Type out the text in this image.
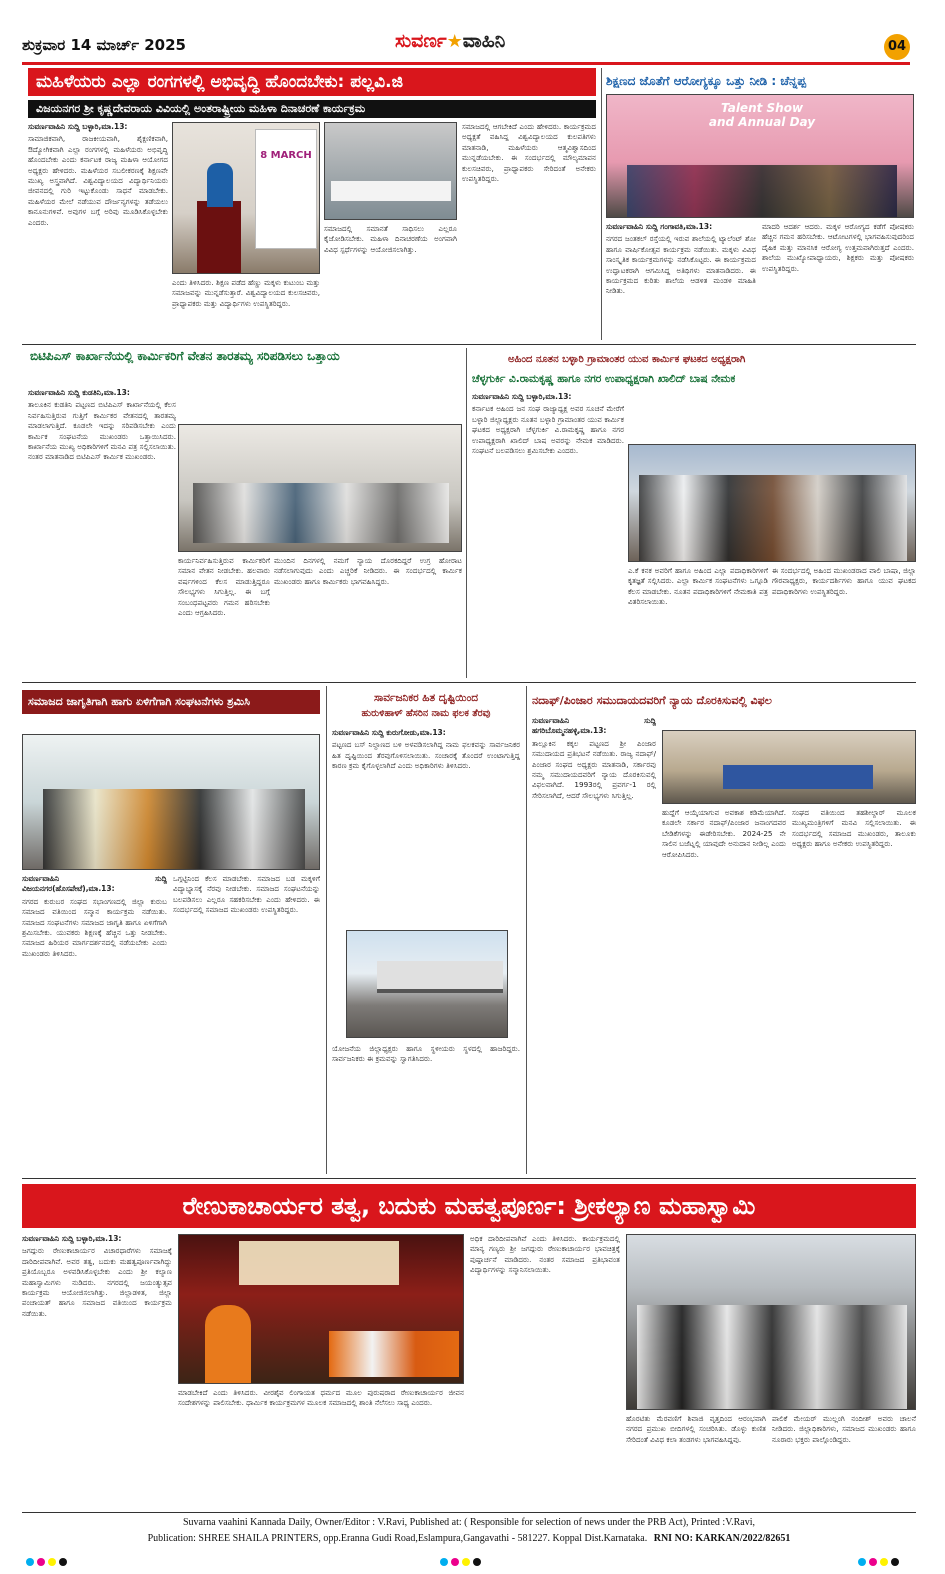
ಶುಕ್ರವಾರ 14 ಮಾರ್ಚ್ 2025	ಸುವರ್ಣ★ವಾಹಿನಿ	04
ಮಹಿಳೆಯರು ಎಲ್ಲಾ ರಂಗಗಳಲ್ಲಿ ಅಭಿವೃದ್ಧಿ ಹೊಂದಬೇಕು: ಪಲ್ಲವಿ.ಜಿ
ವಿಜಯನಗರ ಶ್ರೀ ಕೃಷ್ಣದೇವರಾಯ ವಿವಿಯಲ್ಲಿ ಅಂತರಾಷ್ಟ್ರೀಯ ಮಹಿಳಾ ದಿನಾಚರಣೆ ಕಾರ್ಯಕ್ರಮ

ಸುವರ್ಣವಾಹಿನಿ ಸುದ್ದಿ ಬಳ್ಳಾರಿ,ಮಾ.13:

ಸಾಮಾಜಿಕವಾಗಿ, ರಾಜಕೀಯವಾಗಿ, ಶೈಕ್ಷಣಿಕವಾಗಿ, ಔದ್ಯೋಗಿಕವಾಗಿ ಎಲ್ಲಾ ರಂಗಗಳಲ್ಲಿ ಮಹಿಳೆಯರು ಅಭಿವೃದ್ಧಿ ಹೊಂದಬೇಕು ಎಂದು ಕರ್ನಾಟಕ ರಾಜ್ಯ ಮಹಿಳಾ ಆಯೋಗದ ಅಧ್ಯಕ್ಷರು ಹೇಳಿದರು. ಮಹಿಳೆಯರ ಸಬಲೀಕರಣಕ್ಕೆ ಶಿಕ್ಷಣವೇ ಮುಖ್ಯ ಅಸ್ತ್ರವಾಗಿದೆ. ವಿಶ್ವವಿದ್ಯಾಲಯದ ವಿದ್ಯಾರ್ಥಿನಿಯರು ಜೀವನದಲ್ಲಿ ಗುರಿ ಇಟ್ಟುಕೊಂಡು ಸಾಧನೆ ಮಾಡಬೇಕು. ಮಹಿಳೆಯರ ಮೇಲೆ ನಡೆಯುವ ದೌರ್ಜನ್ಯಗಳನ್ನು ತಡೆಯಲು ಕಾನೂನುಗಳಿವೆ. ಅವುಗಳ ಬಗ್ಗೆ ಅರಿವು ಮೂಡಿಸಿಕೊಳ್ಳಬೇಕು ಎಂದರು.

8 MARCH

ಎಂದು ತಿಳಿಸಿದರು. ಶಿಕ್ಷಣ ಪಡೆದ ಹೆಣ್ಣು ಮಕ್ಕಳು ಕುಟುಂಬ ಮತ್ತು ಸಮಾಜವನ್ನು ಮುನ್ನಡೆಸುತ್ತಾರೆ. ವಿಶ್ವವಿದ್ಯಾಲಯದ ಕುಲಸಚಿವರು, ಪ್ರಾಧ್ಯಾಪಕರು ಮತ್ತು ವಿದ್ಯಾರ್ಥಿಗಳು ಉಪಸ್ಥಿತರಿದ್ದರು.

ಸಮಾಜದಲ್ಲಿ ಸಮಾನತೆ ಸಾಧಿಸಲು ಎಲ್ಲರೂ ಕೈಜೋಡಿಸಬೇಕು. ಮಹಿಳಾ ದಿನಾಚರಣೆಯ ಅಂಗವಾಗಿ ವಿವಿಧ ಸ್ಪರ್ಧೆಗಳನ್ನು ಆಯೋಜಿಸಲಾಗಿತ್ತು.

ಸಮಾಜದಲ್ಲಿ ಆಗಬೇಕಿದೆ ಎಂದು ಹೇಳಿದರು. ಕಾರ್ಯಕ್ರಮದ ಅಧ್ಯಕ್ಷತೆ ವಹಿಸಿದ್ದ ವಿಶ್ವವಿದ್ಯಾಲಯದ ಕುಲಪತಿಗಳು ಮಾತನಾಡಿ, ಮಹಿಳೆಯರು ಆತ್ಮವಿಶ್ವಾಸದಿಂದ ಮುನ್ನಡೆಯಬೇಕು. ಈ ಸಂದರ್ಭದಲ್ಲಿ ಮೌಲ್ಯಮಾಪನ ಕುಲಸಚಿವರು, ಪ್ರಾಧ್ಯಾಪಕರು ಸೇರಿದಂತೆ ಅನೇಕರು ಉಪಸ್ಥಿತರಿದ್ದರು.

ಶಿಕ್ಷಣದ ಜೊತೆಗೆ ಆರೋಗ್ಯಕ್ಕೂ ಒತ್ತು ನೀಡಿ : ಚೆನ್ನಪ್ಪ
Talent Show and Annual Day

ಸುವರ್ಣವಾಹಿನಿ ಸುದ್ದಿ ಗಂಗಾವತಿ,ಮಾ.13:

ನಗರದ ಜಂತಕಲ್ ರಸ್ತೆಯಲ್ಲಿ ಇರುವ ಶಾಲೆಯಲ್ಲಿ ಟ್ಯಾಲೆಂಟ್ ಶೋ ಹಾಗೂ ವಾರ್ಷಿಕೋತ್ಸವ ಕಾರ್ಯಕ್ರಮ ನಡೆಯಿತು. ಮಕ್ಕಳು ವಿವಿಧ ಸಾಂಸ್ಕೃತಿಕ ಕಾರ್ಯಕ್ರಮಗಳನ್ನು ನಡೆಸಿಕೊಟ್ಟರು. ಈ ಕಾರ್ಯಕ್ರಮದ ಉದ್ಘಾಟಕರಾಗಿ ಆಗಮಿಸಿದ್ದ ಅತಿಥಿಗಳು ಮಾತನಾಡಿದರು. ಈ ಕಾರ್ಯಕ್ರಮದ ಕುರಿತು ಶಾಲೆಯ ಆಡಳಿತ ಮಂಡಳಿ ಮಾಹಿತಿ ನೀಡಿತು.

ಮಾದರಿ ಆದರ್ಶ ಆದರು. ಮಕ್ಕಳ ಆರೋಗ್ಯದ ಕಡೆಗೆ ಪೋಷಕರು ಹೆಚ್ಚಿನ ಗಮನ ಹರಿಸಬೇಕು. ಆಟೋಟಗಳಲ್ಲಿ ಭಾಗವಹಿಸುವುದರಿಂದ ದೈಹಿಕ ಮತ್ತು ಮಾನಸಿಕ ಆರೋಗ್ಯ ಉತ್ತಮವಾಗಿರುತ್ತದೆ ಎಂದರು. ಶಾಲೆಯ ಮುಖ್ಯೋಪಾಧ್ಯಾಯರು, ಶಿಕ್ಷಕರು ಮತ್ತು ಪೋಷಕರು ಉಪಸ್ಥಿತರಿದ್ದರು.

ಬಿಟಿಪಿಎಸ್ ಕಾರ್ಖಾನೆಯಲ್ಲಿ ಕಾರ್ಮಿಕರಿಗೆ ವೇತನ ತಾರತಮ್ಯ ಸರಿಪಡಿಸಲು ಒತ್ತಾಯ

ಸುವರ್ಣವಾಹಿನಿ ಸುದ್ದಿ ಕುಡತಿನಿ,ಮಾ.13:

ತಾಲೂಕಿನ ಕುಡತಿನಿ ಪಟ್ಟಣದ ಬಿಟಿಪಿಎಸ್ ಕಾರ್ಖಾನೆಯಲ್ಲಿ ಕೆಲಸ ನಿರ್ವಹಿಸುತ್ತಿರುವ ಗುತ್ತಿಗೆ ಕಾರ್ಮಿಕರ ವೇತನದಲ್ಲಿ ತಾರತಮ್ಯ ಮಾಡಲಾಗುತ್ತಿದೆ. ಕೂಡಲೇ ಇದನ್ನು ಸರಿಪಡಿಸಬೇಕು ಎಂದು ಕಾರ್ಮಿಕ ಸಂಘಟನೆಯ ಮುಖಂಡರು ಒತ್ತಾಯಿಸಿದರು. ಕಾರ್ಖಾನೆಯ ಮುಖ್ಯ ಅಧಿಕಾರಿಗಳಿಗೆ ಮನವಿ ಪತ್ರ ಸಲ್ಲಿಸಲಾಯಿತು. ನಂತರ ಮಾತನಾಡಿದ ಬಿಟಿಪಿಎಸ್ ಕಾರ್ಮಿಕ ಮುಖಂಡರು.

ಕಾರ್ಯನಿರ್ವಹಿಸುತ್ತಿರುವ ಕಾರ್ಮಿಕರಿಗೆ ಸಮಾನ ವೇತನ ನೀಡಬೇಕು. ಹಲವಾರು ವರ್ಷಗಳಿಂದ ಕೆಲಸ ಮಾಡುತ್ತಿದ್ದರೂ ಸೌಲಭ್ಯಗಳು ಸಿಗುತ್ತಿಲ್ಲ. ಈ ಬಗ್ಗೆ ಸಂಬಂಧಪಟ್ಟವರು ಗಮನ ಹರಿಸಬೇಕು ಎಂದು ಆಗ್ರಹಿಸಿದರು.

ಮುಂದಿನ ದಿನಗಳಲ್ಲಿ ನಮಗೆ ನ್ಯಾಯ ದೊರಕದಿದ್ದರೆ ಉಗ್ರ ಹೋರಾಟ ನಡೆಸಲಾಗುವುದು ಎಂದು ಎಚ್ಚರಿಕೆ ನೀಡಿದರು. ಈ ಸಂದರ್ಭದಲ್ಲಿ ಕಾರ್ಮಿಕ ಮುಖಂಡರು ಹಾಗೂ ಕಾರ್ಮಿಕರು ಭಾಗವಹಿಸಿದ್ದರು.

ಅಹಿಂದ ನೂತನ ಬಳ್ಳಾರಿ ಗ್ರಾಮಾಂತರ ಯುವ ಕಾರ್ಮಿಕ ಘಟಕದ ಅಧ್ಯಕ್ಷರಾಗಿ
ಚೆಳ್ಳಗುರ್ಕಿ ವಿ.ರಾಮಕೃಷ್ಣ ಹಾಗೂ ನಗರ ಉಪಾಧ್ಯಕ್ಷರಾಗಿ ಖಾಲಿದ್ ಬಾಷ ನೇಮಕ

ಸುವರ್ಣವಾಹಿನಿ ಸುದ್ದಿ ಬಳ್ಳಾರಿ,ಮಾ.13:

ಕರ್ನಾಟಕ ಅಹಿಂದ ಜನ ಸಂಘ ರಾಜ್ಯಾಧ್ಯಕ್ಷ ಅವರ ಸೂಚನೆ ಮೇರೆಗೆ ಬಳ್ಳಾರಿ ಜಿಲ್ಲಾಧ್ಯಕ್ಷರು ನೂತನ ಬಳ್ಳಾರಿ ಗ್ರಾಮಾಂತರ ಯುವ ಕಾರ್ಮಿಕ ಘಟಕದ ಅಧ್ಯಕ್ಷರಾಗಿ ಚೆಳ್ಳಗುರ್ಕಿ ವಿ.ರಾಮಕೃಷ್ಣ ಹಾಗೂ ನಗರ ಉಪಾಧ್ಯಕ್ಷರಾಗಿ ಖಾಲಿದ್ ಬಾಷ ಅವರನ್ನು ನೇಮಕ ಮಾಡಿದರು. ಸಂಘಟನೆ ಬಲಪಡಿಸಲು ಶ್ರಮಿಸಬೇಕು ಎಂದರು.

ಎ.ಕೆ ಕನಕ ಅವರಿಗೆ ಹಾಗೂ ಅಹಿಂದ ಎಲ್ಲಾ ಪದಾಧಿಕಾರಿಗಳಿಗೆ ಕೃತಜ್ಞತೆ ಸಲ್ಲಿಸಿದರು. ಎಲ್ಲಾ ಕಾರ್ಮಿಕ ಸಂಘಟನೆಗಳು ಒಗ್ಗೂಡಿ ಕೆಲಸ ಮಾಡಬೇಕು. ನೂತನ ಪದಾಧಿಕಾರಿಗಳಿಗೆ ನೇಮಕಾತಿ ಪತ್ರ ವಿತರಿಸಲಾಯಿತು.

ಈ ಸಂದರ್ಭದಲ್ಲಿ ಅಹಿಂದ ಮುಖಂಡರಾದ ವಾಲಿ ಬಾಷಾ, ಜಿಲ್ಲಾ ಗೌರವಾಧ್ಯಕ್ಷರು, ಕಾರ್ಯದರ್ಶಿಗಳು ಹಾಗೂ ಯುವ ಘಟಕದ ಪದಾಧಿಕಾರಿಗಳು ಉಪಸ್ಥಿತರಿದ್ದರು.

ಸಮಾಜದ ಜಾಗೃತಿಗಾಗಿ ಹಾಗು ಏಳಿಗೆಗಾಗಿ ಸಂಘಟನೆಗಳು ಶ್ರಮಿಸಿ

ಸುವರ್ಣವಾಹಿನಿ ಸುದ್ದಿ ವಿಜಯನಗರ(ಹೊಸಪೇಟೆ),ಮಾ.13:

ನಗರದ ಕುರುಬರ ಸಂಘದ ಸಭಾಂಗಣದಲ್ಲಿ ಜಿಲ್ಲಾ ಕುರುಬ ಸಮಾಜದ ವತಿಯಿಂದ ಸನ್ಮಾನ ಕಾರ್ಯಕ್ರಮ ನಡೆಯಿತು. ಸಮಾಜದ ಸಂಘಟನೆಗಳು ಸಮಾಜದ ಜಾಗೃತಿ ಹಾಗೂ ಏಳಿಗೆಗಾಗಿ ಶ್ರಮಿಸಬೇಕು. ಯುವಕರು ಶಿಕ್ಷಣಕ್ಕೆ ಹೆಚ್ಚಿನ ಒತ್ತು ನೀಡಬೇಕು. ಸಮಾಜದ ಹಿರಿಯರ ಮಾರ್ಗದರ್ಶನದಲ್ಲಿ ನಡೆಯಬೇಕು ಎಂದು ಮುಖಂಡರು ತಿಳಿಸಿದರು.

ಒಗ್ಗಟ್ಟಿನಿಂದ ಕೆಲಸ ಮಾಡಬೇಕು. ಸಮಾಜದ ಬಡ ಮಕ್ಕಳಿಗೆ ವಿದ್ಯಾಭ್ಯಾಸಕ್ಕೆ ನೆರವು ನೀಡಬೇಕು. ಸಮಾಜದ ಸಂಘಟನೆಯನ್ನು ಬಲಪಡಿಸಲು ಎಲ್ಲರೂ ಸಹಕರಿಸಬೇಕು ಎಂದು ಹೇಳಿದರು. ಈ ಸಂದರ್ಭದಲ್ಲಿ ಸಮಾಜದ ಮುಖಂಡರು ಉಪಸ್ಥಿತರಿದ್ದರು.

ಸಾರ್ವಜನಿಕರ ಹಿತ ದೃಷ್ಟಿಯಿಂದ
ಹುರುಳಿಹಾಳ್ ಹೆಸರಿನ ನಾಮ ಫಲಕ ತೆರವು

ಸುವರ್ಣವಾಹಿನಿ ಸುದ್ದಿ ಕುರುಗೋಡು,ಮಾ.13:

ಪಟ್ಟಣದ ಬಸ್ ನಿಲ್ದಾಣದ ಬಳಿ ಅಳವಡಿಸಲಾಗಿದ್ದ ನಾಮ ಫಲಕವನ್ನು ಸಾರ್ವಜನಿಕರ ಹಿತ ದೃಷ್ಟಿಯಿಂದ ತೆರವುಗೊಳಿಸಲಾಯಿತು. ಸಂಚಾರಕ್ಕೆ ತೊಂದರೆ ಉಂಟಾಗುತ್ತಿದ್ದ ಕಾರಣ ಕ್ರಮ ಕೈಗೊಳ್ಳಲಾಗಿದೆ ಎಂದು ಅಧಿಕಾರಿಗಳು ತಿಳಿಸಿದರು.

ಯೋಜನೆಯ ಜಿಲ್ಲಾಧ್ಯಕ್ಷರು ಹಾಗೂ ಸ್ಥಳೀಯರು ಸ್ಥಳದಲ್ಲಿ ಹಾಜರಿದ್ದರು. ಸಾರ್ವಜನಿಕರು ಈ ಕ್ರಮವನ್ನು ಸ್ವಾಗತಿಸಿದರು.

ನದಾಫ್/ಪಿಂಜಾರ ಸಮುದಾಯದವರಿಗೆ ನ್ಯಾಯ ದೊರಕಿಸುವಲ್ಲಿ ವಿಫಲ

ಸುವರ್ಣವಾಹಿನಿ ಸುದ್ದಿ ಹಗರಿಬೊಮ್ಮನಹಳ್ಳಿ,ಮಾ.13:

ತಾಲ್ಲೂಕಿನ ಕಕ್ಕಲ ಪಟ್ಟಣದ ಶ್ರೀ ಪಿಂಜಾರ ಸಮುದಾಯದ ಪ್ರತಿಭಟನೆ ನಡೆಯಿತು. ರಾಜ್ಯ ನದಾಫ್/ಪಿಂಜಾರ ಸಂಘದ ಅಧ್ಯಕ್ಷರು ಮಾತನಾಡಿ, ಸರ್ಕಾರವು ನಮ್ಮ ಸಮುದಾಯದವರಿಗೆ ನ್ಯಾಯ ದೊರಕಿಸುವಲ್ಲಿ ವಿಫಲವಾಗಿದೆ. 1993ರಲ್ಲಿ ಪ್ರವರ್ಗ-1 ರಲ್ಲಿ ಸೇರಿಸಲಾಗಿದೆ, ಆದರೆ ಸೌಲಭ್ಯಗಳು ಸಿಗುತ್ತಿಲ್ಲ.

ಹುದ್ದೆಗೆ ಆಯ್ಕೆಯಾಗುವ ಅವಕಾಶ ಕಡಿಮೆಯಾಗಿದೆ. ಕೂಡಲೇ ಸರ್ಕಾರ ನದಾಫ್/ಪಿಂಜಾರ ಜನಾಂಗದವರ ಬೇಡಿಕೆಗಳನ್ನು ಈಡೇರಿಸಬೇಕು. 2024-25 ನೇ ಸಾಲಿನ ಬಜೆಟ್ನಲ್ಲಿ ಯಾವುದೇ ಅನುದಾನ ನೀಡಿಲ್ಲ ಎಂದು ಆರೋಪಿಸಿದರು.

ಸಂಘದ ವತಿಯಿಂದ ತಹಶೀಲ್ದಾರ್ ಮೂಲಕ ಮುಖ್ಯಮಂತ್ರಿಗಳಿಗೆ ಮನವಿ ಸಲ್ಲಿಸಲಾಯಿತು. ಈ ಸಂದರ್ಭದಲ್ಲಿ ಸಮಾಜದ ಮುಖಂಡರು, ತಾಲೂಕು ಅಧ್ಯಕ್ಷರು ಹಾಗೂ ಅನೇಕರು ಉಪಸ್ಥಿತರಿದ್ದರು.

ರೇಣುಕಾಚಾರ್ಯರ ತತ್ವ, ಬದುಕು ಮಹತ್ವಪೂರ್ಣ: ಶ್ರೀಕಲ್ಯಾಣ ಮಹಾಸ್ವಾಮಿ

ಸುವರ್ಣವಾಹಿನಿ ಸುದ್ದಿ ಬಳ್ಳಾರಿ,ಮಾ.13:

ಜಗದ್ಗುರು ರೇಣುಕಾಚಾರ್ಯರ ವಿಚಾರಧಾರೆಗಳು ಸಮಾಜಕ್ಕೆ ದಾರಿದೀಪವಾಗಿವೆ. ಅವರ ತತ್ವ, ಬದುಕು ಮಹತ್ವಪೂರ್ಣವಾಗಿದ್ದು ಪ್ರತಿಯೊಬ್ಬರೂ ಅಳವಡಿಸಿಕೊಳ್ಳಬೇಕು ಎಂದು ಶ್ರೀ ಕಲ್ಯಾಣ ಮಹಾಸ್ವಾಮಿಗಳು ನುಡಿದರು. ನಗರದಲ್ಲಿ ಜಯಂತ್ಯುತ್ಸವ ಕಾರ್ಯಕ್ರಮ ಆಯೋಜಿಸಲಾಗಿತ್ತು. ಜಿಲ್ಲಾಡಳಿತ, ಜಿಲ್ಲಾ ಪಂಚಾಯತ್ ಹಾಗೂ ಸಮಾಜದ ವತಿಯಿಂದ ಕಾರ್ಯಕ್ರಮ ನಡೆಯಿತು.

ಮಾಡಬೇಕಿದೆ ಎಂದು ತಿಳಿಸಿದರು. ವೀರಶೈವ ಲಿಂಗಾಯತ ಧರ್ಮದ ಮೂಲ ಪುರುಷರಾದ ರೇಣುಕಾಚಾರ್ಯರ ಜೀವನ ಸಂದೇಶಗಳನ್ನು ಪಾಲಿಸಬೇಕು. ಧಾರ್ಮಿಕ ಕಾರ್ಯಕ್ರಮಗಳ ಮೂಲಕ ಸಮಾಜದಲ್ಲಿ ಶಾಂತಿ ನೆಲೆಸಲು ಸಾಧ್ಯ ಎಂದರು.

ಅಧಿಕ ದಾರಿದೀಪವಾಗಿವೆ ಎಂದು ತಿಳಿಸಿದರು. ಕಾರ್ಯಕ್ರಮದಲ್ಲಿ ಮಾನ್ಯ ಗಣ್ಯರು ಶ್ರೀ ಜಗದ್ಗುರು ರೇಣುಕಾಚಾರ್ಯರ ಭಾವಚಿತ್ರಕ್ಕೆ ಪುಷ್ಪಾರ್ಚನೆ ಮಾಡಿದರು. ನಂತರ ಸಮಾಜದ ಪ್ರತಿಭಾವಂತ ವಿದ್ಯಾರ್ಥಿಗಳನ್ನು ಸನ್ಮಾನಿಸಲಾಯಿತು.

ಹೊರಟಿತು ಮೆರವಣಿಗೆ ಶಿವಾಜಿ ವೃತ್ತದಿಂದ ಆರಂಭವಾಗಿ ನಗರದ ಪ್ರಮುಖ ಬೀದಿಗಳಲ್ಲಿ ಸಂಚರಿಸಿತು. ಡೊಳ್ಳು ಕುಣಿತ ಸೇರಿದಂತೆ ವಿವಿಧ ಕಲಾ ತಂಡಗಳು ಭಾಗವಹಿಸಿದ್ದವು.

ಪಾಲಿಕೆ ಮೇಯರ್ ಮುಲ್ಲಂಗಿ ನಂದೀಶ್ ಅವರು ಚಾಲನೆ ನೀಡಿದರು. ಜಿಲ್ಲಾಧಿಕಾರಿಗಳು, ಸಮಾಜದ ಮುಖಂಡರು ಹಾಗೂ ನೂರಾರು ಭಕ್ತರು ಪಾಲ್ಗೊಂಡಿದ್ದರು.

Suvarna vaahini Kannada Daily, Owner/Editor : V.Ravi, Published at: ( Responsible for selection of news under the PRB Act), Printed :V.Ravi,
Publication: SHREE SHAILA PRINTERS, opp.Eranna Gudi Road,Eslampura,Gangavathi - 581227. Koppal Dist.Karnataka. RNI NO: KARKAN/2022/82651
